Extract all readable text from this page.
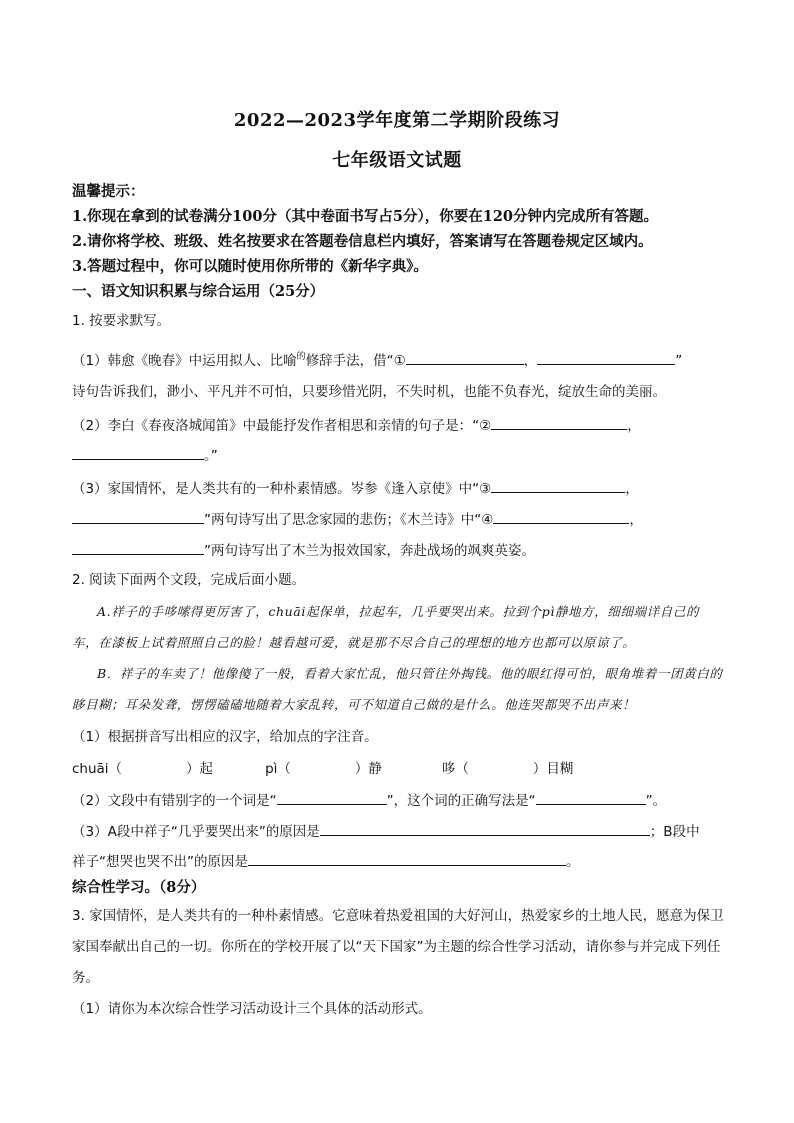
2022—2023学年度第二学期阶段练习
七年级语文试题
温馨提示：
1.你现在拿到的试卷满分100分（其中卷面书写占5分），你要在120分钟内完成所有答题。
2.请你将学校、班级、姓名按要求在答题卷信息栏内填好，答案请写在答题卷规定区域内。
3.答题过程中，你可以随时使用你所带的《新华字典》。
一、语文知识积累与综合运用（25分）
1. 按要求默写。
（1）韩愈《晚春》中运用拟人、比喻$^的$修辞手法，借“①	，	”
诗句告诉我们，渺小、平凡并不可怕，只要珍惜光阴，不失时机，也能不负春光，绽放生命的美丽。
（2）李白《春夜洛城闻笛》中最能抒发作者相思和亲情的句子是：“②	，
。”
（3）家国情怀，是人类共有的一种朴素情感。岑参《逢入京使》中“③	，
”两句诗写出了思念家园的悲伤；《木兰诗》中“④	，
”两句诗写出了木兰为报效国家，奔赴战场的飒爽英姿。
2. 阅读下面两个文段，完成后面小题。
A.祥子的手哆嗦得更厉害了，chuāi起保单，拉起车，几乎要哭出来。拉到个pì静地方，细细端详自己的车，在漆板上试着照照自己的脸！越看越可爱，就是那不尽合自己的理想的地方也都可以原谅了。
B．祥子的车卖了！他像傻了一般，看着大家忙乱，他只管往外掏钱。他的眼红得可怕，眼角堆着一团黄白的眵目糊；耳朵发聋，愣愣磕磕地随着大家乱转，可不知道自己做的是什么。他连哭都哭不出声来！
（1）根据拼音写出相应的汉字，给加点的字注音。
chuāi（	）起	pì（	）静	哆（	）目糊
（2）文段中有错别字的一个词是“	”，这个词的正确写法是“	”。
（3）A段中祥子“几乎要哭出来”的原因是	；B段中
祥子“想哭也哭不出”的原因是	。
综合性学习。（8分）
3. 家国情怀，是人类共有的一种朴素情感。它意味着热爱祖国的大好河山，热爱家乡的土地人民，愿意为保卫家国奉献出自己的一切。你所在的学校开展了以“天下国家”为主题的综合性学习活动，请你参与并完成下列任务。
（1）请你为本次综合性学习活动设计三个具体的活动形式。
